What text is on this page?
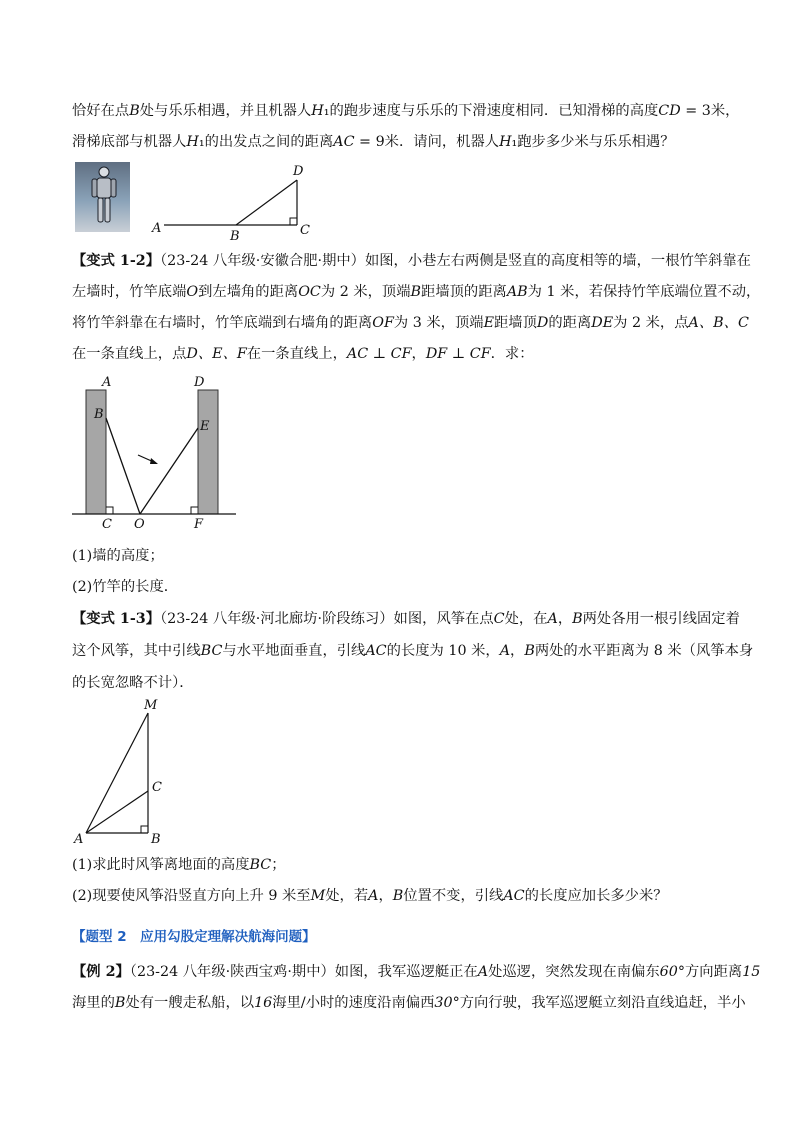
恰好在点B处与乐乐相遇，并且机器人H₁的跑步速度与乐乐的下滑速度相同．已知滑梯的高度CD = 3米，
滑梯底部与机器人H₁的出发点之间的距离AC = 9米．请问，机器人H₁跑步多少米与乐乐相遇？
A
B	C
D
【变式 1-2】（23-24 八年级·安徽合肥·期中）如图，小巷左右两侧是竖直的高度相等的墙，一根竹竿斜靠在
左墙时，竹竿底端O到左墙角的距离OC为 2 米，顶端B距墙顶的距离AB为 1 米，若保持竹竿底端位置不动，
将竹竿斜靠在右墙时，竹竿底端到右墙角的距离OF为 3 米，顶端E距墙顶D的距离DE为 2 米，点A、B、C
在一条直线上，点D、E、F在一条直线上，AC ⊥ CF，DF ⊥ CF．求：
A
B
C O	F
D
E
(1)墙的高度；
(2)竹竿的长度．
【变式 1-3】（23-24 八年级·河北廊坊·阶段练习）如图，风筝在点C处，在A，B两处各用一根引线固定着
这个风筝，其中引线BC与水平地面垂直，引线AC的长度为 10 米，A，B两处的水平距离为 8 米（风筝本身
的长宽忽略不计）．
M
C
A	B
(1)求此时风筝离地面的高度BC；
(2)现要使风筝沿竖直方向上升 9 米至M处，若A，B位置不变，引线AC的长度应加长多少米？
【题型 2　应用勾股定理解决航海问题】
【例 2】（23-24 八年级·陕西宝鸡·期中）如图，我军巡逻艇正在A处巡逻，突然发现在南偏东60°方向距离15
海里的B处有一艘走私船，以16海里/小时的速度沿南偏西30°方向行驶，我军巡逻艇立刻沿直线追赶，半小
